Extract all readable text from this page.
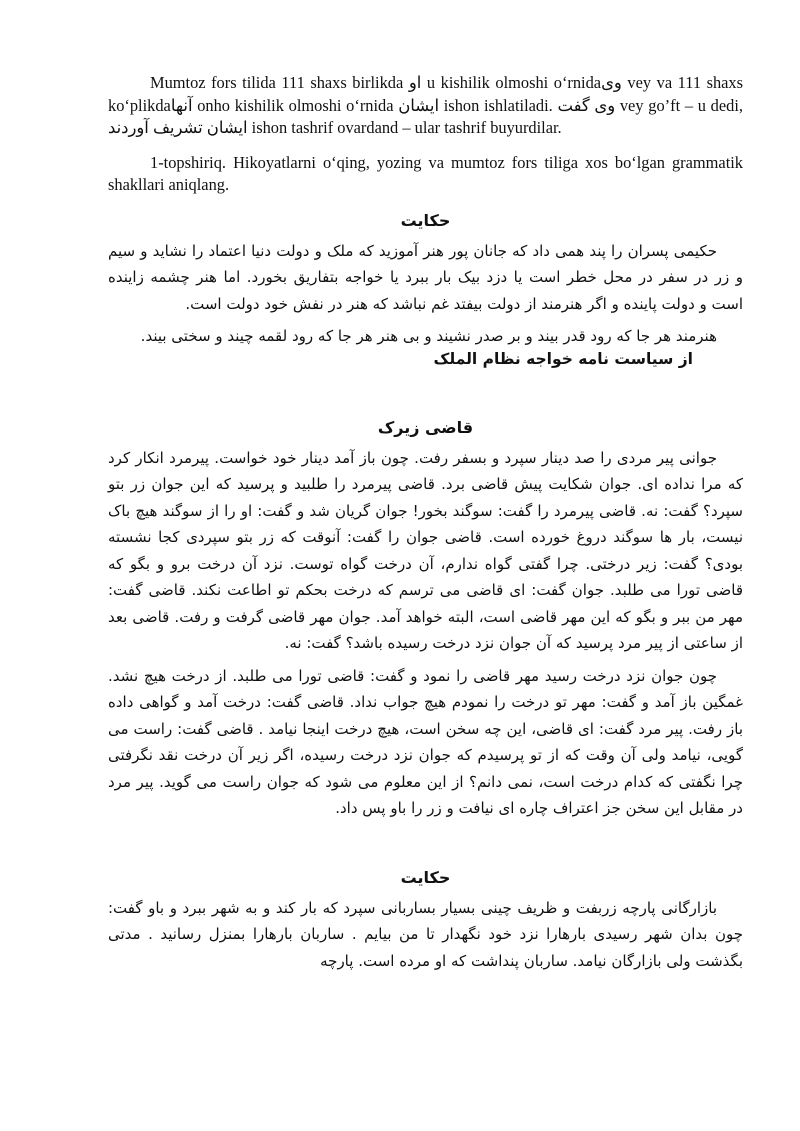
Mumtoz fors tilida 111 shaxs birlikda او u kishilik olmoshi oʻrnidaوی vey va 111 shaxs koʻplikdaآنها onho kishilik olmoshi oʻrnida ایشان ishon ishlatiladi. وی گفت vey go’ft – u dedi, ایشان تشریف آوردند ishon tashrif ovardand – ular tashrif buyurdilar.

1-topshiriq. Hikoyatlarni oʻqing, yozing va mumtoz fors tiliga xos boʻlgan grammatik shakllari aniqlang.

حکایت

حکیمی پسران را پند همی داد که جانان پور هنر آموزید که ملک و دولت دنیا اعتماد را نشاید و سیم و زر در سفر در محل خطر است یا دزد بیک بار ببرد یا خواجه بتفاریق بخورد. اما هنر چشمه زاینده است و دولت پاینده و اگر هنرمند از دولت بیفتد غم نباشد که هنر در نفش خود دولت است.

هنرمند هر جا که رود قدر بیند و بر صدر نشیند و بی هنر هر جا که رود لقمه چیند و سختی بیند.

از سیاست نامه خواجه نظام الملک

قاضی زیرک

جوانی پیر مردی را صد دینار سپرد و بسفر رفت. چون باز آمد دینار خود خواست. پیرمرد انکار کرد که مرا نداده ای. جوان شکایت پیش قاضی برد. قاضی پیرمرد را طلبید و پرسید که این جوان زر بتو سپرد؟ گفت: نه. قاضی پیرمرد را گفت: سوگند بخور! جوان گریان شد و گفت: او را از سوگند هیچ باک نیست، بار ها سوگند دروغ خورده است. قاضی جوان را گفت: آنوقت که زر بتو سپردی کجا نشسته بودی؟ گفت: زیر درختی. چرا گفتی گواه ندارم، آن درخت گواه توست. نزد آن درخت برو و بگو که قاضی تورا می طلبد. جوان گفت: ای قاضی می ترسم که درخت بحکم تو اطاعت نکند. قاضی گفت: مهر من ببر و بگو که این مهر قاضی است، البته خواهد آمد. جوان مهر قاضی گرفت و رفت. قاضی بعد از ساعتی از پیر مرد پرسید که آن جوان نزد درخت رسیده باشد؟ گفت: نه.

چون جوان نزد درخت رسید مهر قاضی را نمود و گفت: قاضی تورا می طلبد. از درخت هیچ نشد. غمگین باز آمد و گفت: مهر تو درخت را نمودم هیچ جواب نداد. قاضی گفت: درخت آمد و گواهی داده باز رفت. پیر مرد گفت: ای قاضی، این چه سخن است، هیچ درخت اینجا نیامد . قاضی گفت: راست می گویی، نیامد ولی آن وقت که از تو پرسیدم که جوان نزد درخت رسیده، اگر زیر آن درخت نقد نگرفتی چرا نگفتی که کدام درخت است، نمی دانم؟ از این معلوم می شود که جوان راست می گوید. پیر مرد در مقابل این سخن جز اعتراف چاره ای نیافت و زر را باو پس داد.

حکایت

بازارگانی پارچه زربفت و ظریف چینی بسیار بساربانی سپرد که بار کند و به شهر ببرد و باو گفت: چون بدان شهر رسیدی بارهارا نزد خود نگهدار تا من بیایم . ساربان بارهارا بمنزل رسانید . مدتی بگذشت ولی بازارگان نیامد. ساربان پنداشت که او مرده است. پارچه
